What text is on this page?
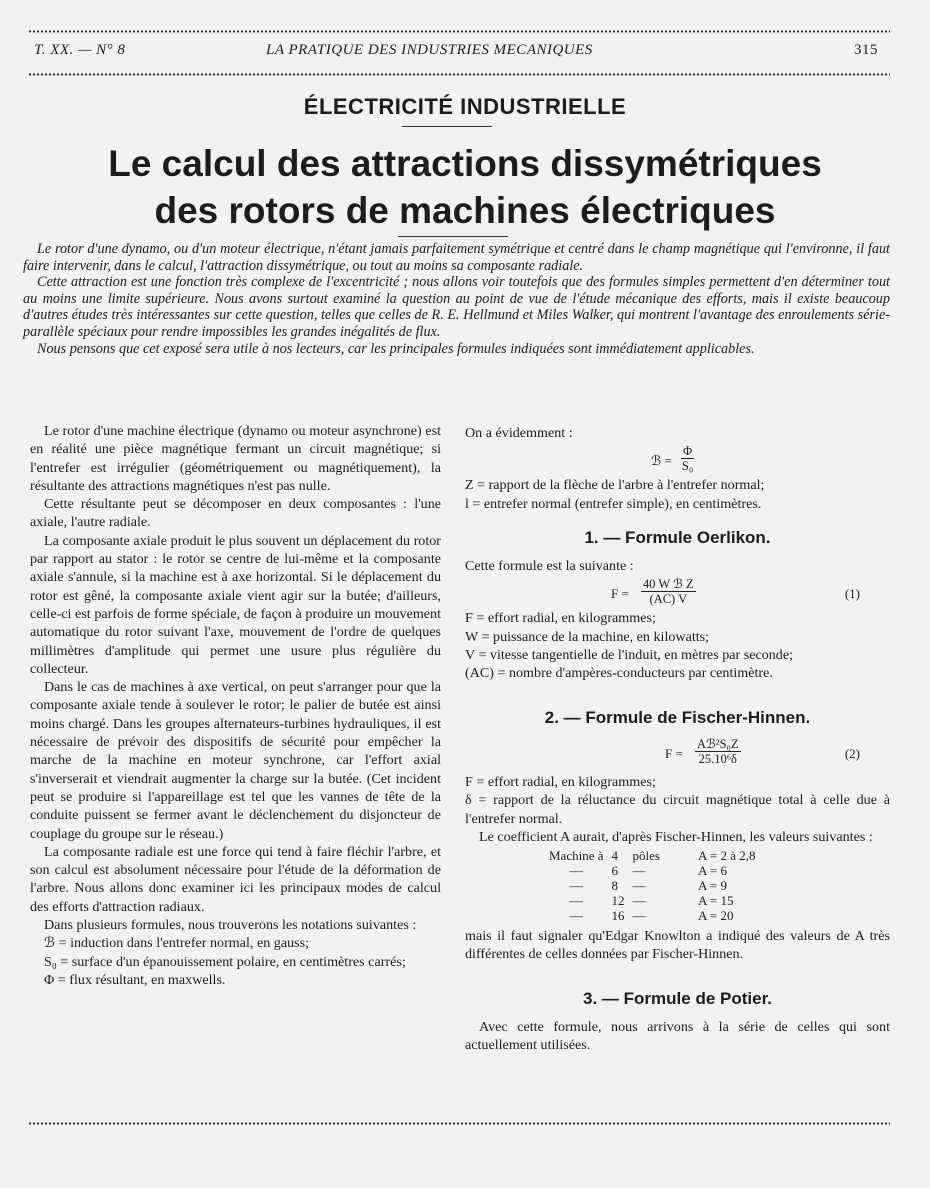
T. XX. — N° 8	LA PRATIQUE DES INDUSTRIES MECANIQUES	315
ÉLECTRICITÉ INDUSTRIELLE
Le calcul des attractions dissymétriques
des rotors de machines électriques

Le rotor d'une dynamo, ou d'un moteur électrique, n'étant jamais parfaitement symétrique et centré dans le champ magnétique qui l'environne, il faut faire intervenir, dans le calcul, l'attraction dissymétrique, ou tout au moins sa composante radiale.

Cette attraction est une fonction très complexe de l'excentricité ; nous allons voir toutefois que des formules simples permettent d'en déterminer tout au moins une limite supérieure. Nous avons surtout examiné la question au point de vue de l'étude mécanique des efforts, mais il existe beaucoup d'autres études très intéressantes sur cette question, telles que celles de R. E. Hellmund et Miles Walker, qui montrent l'avantage des enroulements série-parallèle spéciaux pour rendre impossibles les grandes inégalités de flux.

Nous pensons que cet exposé sera utile à nos lecteurs, car les principales formules indiquées sont immédiatement applicables.

Le rotor d'une machine électrique (dynamo ou moteur asynchrone) est en réalité une pièce magnétique fermant un circuit magnétique; si l'entrefer est irrégulier (géométriquement ou magnétiquement), la résultante des attractions magnétiques n'est pas nulle.

Cette résultante peut se décomposer en deux composantes : l'une axiale, l'autre radiale.

La composante axiale produit le plus souvent un déplacement du rotor par rapport au stator : le rotor se centre de lui-même et la composante axiale s'annule, si la machine est à axe horizontal. Si le déplacement du rotor est gêné, la composante axiale vient agir sur la butée; d'ailleurs, celle-ci est parfois de forme spéciale, de façon à produire un mouvement automatique du rotor suivant l'axe, mouvement de l'ordre de quelques millimètres d'amplitude qui permet une usure plus régulière du collecteur.

Dans le cas de machines à axe vertical, on peut s'arranger pour que la composante axiale tende à soulever le rotor; le palier de butée est ainsi moins chargé. Dans les groupes alternateurs-turbines hydrauliques, il est nécessaire de prévoir des dispositifs de sécurité pour empêcher la marche de la machine en moteur synchrone, car l'effort axial s'inverserait et viendrait augmenter la charge sur la butée. (Cet incident peut se produire si l'appareillage est tel que les vannes de tête de la conduite puissent se fermer avant le déclenchement du disjoncteur de couplage du groupe sur le réseau.)

La composante radiale est une force qui tend à faire fléchir l'arbre, et son calcul est absolument nécessaire pour l'étude de la déformation de l'arbre. Nous allons donc examiner ici les principaux modes de calcul des efforts d'attraction radiaux.

Dans plusieurs formules, nous trouverons les notations suivantes :

ℬ = induction dans l'entrefer normal, en gauss;

S₀ = surface d'un épanouissement polaire, en centimètres carrés;

Φ = flux résultant, en maxwells.

On a évidemment :

ℬ = $\frac{\Phi}{\text{S₀}}$

Z = rapport de la flèche de l'arbre à l'entrefer normal;

l = entrefer normal (entrefer simple), en centimètres.

1. — Formule Oerlikon.

Cette formule est la suivante :

F =
40 W ℬ Z
(AC) V	(1)

F = effort radial, en kilogrammes;

W = puissance de la machine, en kilowatts;

V = vitesse tangentielle de l'induit, en mètres par seconde;

(AC) = nombre d'ampères-conducteurs par centimètre.

2. — Formule de Fischer-Hinnen.
F =
Aℬ²S₀Z
25.10⁶δ	(2)

F = effort radial, en kilogrammes;

δ = rapport de la réluctance du circuit magnétique total à celle due à l'entrefer normal.

Le coefficient A aurait, d'après Fischer-Hinnen, les valeurs suivantes :

Machine à	4	pôles	A = 2 à 2,8
—	6	—	A = 6
—	8	—	A = 9
—	12	—	A = 15
—	16	—	A = 20

mais il faut signaler qu'Edgar Knowlton a indiqué des valeurs de A très différentes de celles données par Fischer-Hinnen.

3. — Formule de Potier.

Avec cette formule, nous arrivons à la série de celles qui sont actuellement utilisées.
